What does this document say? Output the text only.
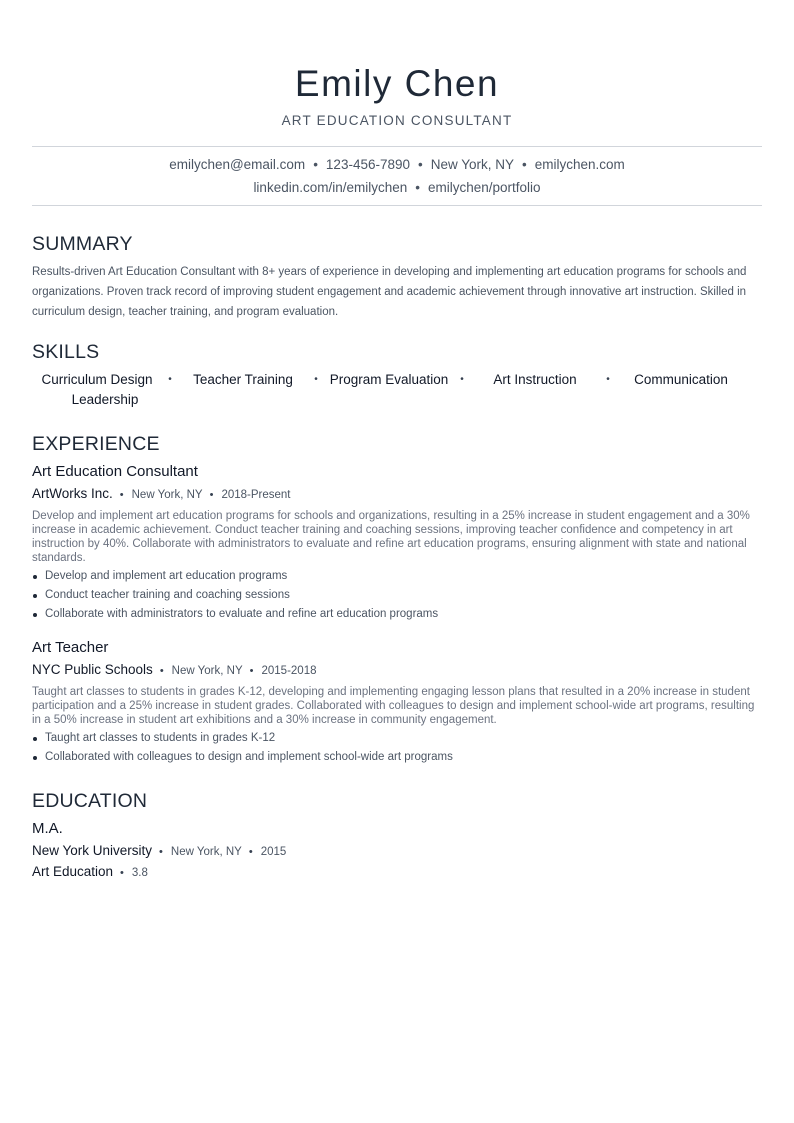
Emily Chen
ART EDUCATION CONSULTANT
emilychen@email.com • 123-456-7890 • New York, NY • emilychen.com
linkedin.com/in/emilychen • emilychen/portfolio
SUMMARY
Results-driven Art Education Consultant with 8+ years of experience in developing and implementing art education programs for schools and organizations. Proven track record of improving student engagement and academic achievement through innovative art instruction. Skilled in curriculum design, teacher training, and program evaluation.
SKILLS
Curriculum Design	•	Teacher Training	• Program Evaluation	•	Art Instruction	•	Communication
Leadership
EXPERIENCE
Art Education Consultant
ArtWorks Inc. • New York, NY • 2018-Present
Develop and implement art education programs for schools and organizations, resulting in a 25% increase in student engagement and a 30% increase in academic achievement. Conduct teacher training and coaching sessions, improving teacher confidence and competency in art instruction by 40%. Collaborate with administrators to evaluate and refine art education programs, ensuring alignment with state and national standards.
Develop and implement art education programs
Conduct teacher training and coaching sessions
Collaborate with administrators to evaluate and refine art education programs
Art Teacher
NYC Public Schools • New York, NY • 2015-2018
Taught art classes to students in grades K-12, developing and implementing engaging lesson plans that resulted in a 20% increase in student participation and a 25% increase in student grades. Collaborated with colleagues to design and implement school-wide art programs, resulting in a 50% increase in student art exhibitions and a 30% increase in community engagement.
Taught art classes to students in grades K-12
Collaborated with colleagues to design and implement school-wide art programs
EDUCATION
M.A.
New York University • New York, NY • 2015
Art Education • 3.8
